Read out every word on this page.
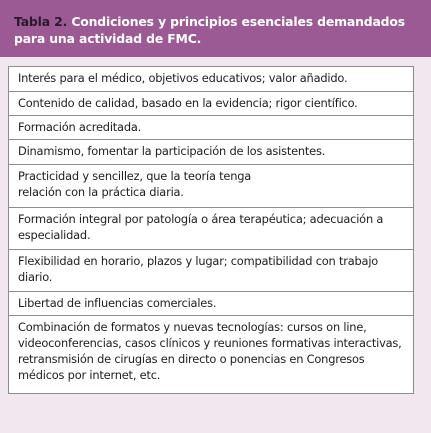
Tabla 2. Condiciones y principios esenciales demandados para una actividad de FMC.
Interés para el médico, objetivos educativos; valor añadido.
Contenido de calidad, basado en la evidencia; rigor científico.
Formación acreditada.
Dinamismo, fomentar la participación de los asistentes.
Practicidad y sencillez, que la teoría tenga relación con la práctica diaria.
Formación integral por patología o área terapéutica; adecuación a especialidad.
Flexibilidad en horario, plazos y lugar; compatibilidad con trabajo diario.
Libertad de influencias comerciales.
Combinación de formatos y nuevas tecnologías: cursos on line, videoconferencias, casos clínicos y reuniones formativas interactivas, retransmisión de cirugías en directo o ponencias en Congresos médicos por internet, etc.
